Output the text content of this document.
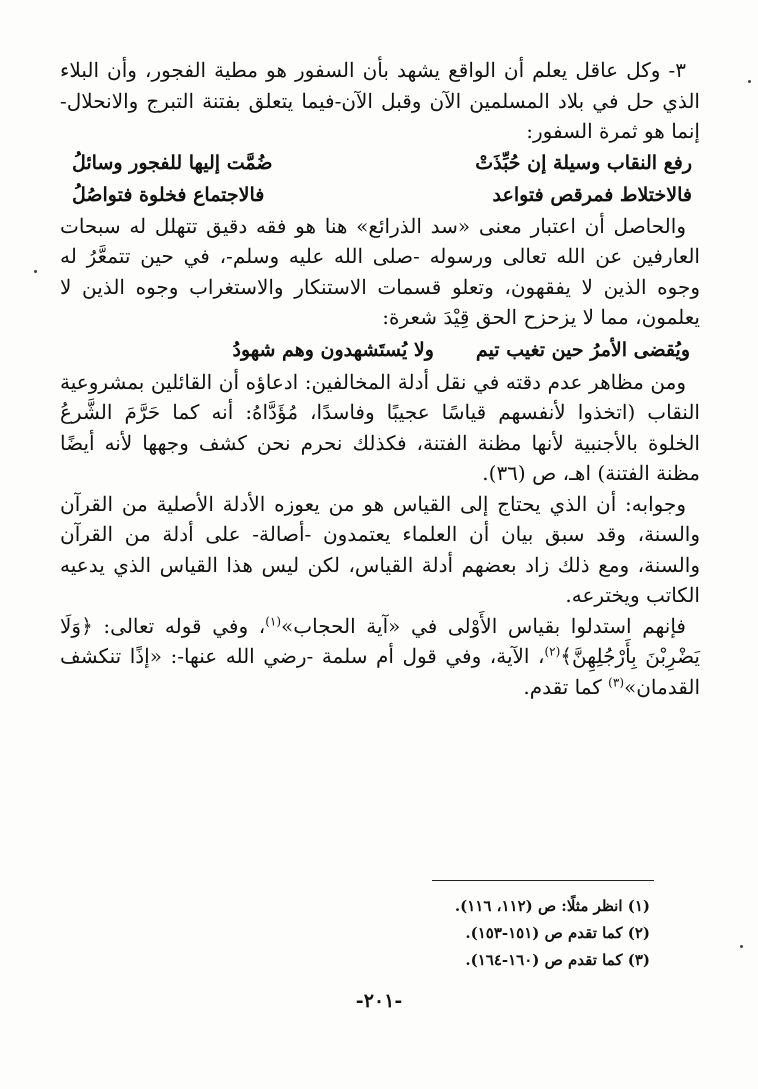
٣- وكل عاقل يعلم أن الواقع يشهد بأن السفور هو مطية الفجور، وأن البلاء الذي حل في بلاد المسلمين الآن وقبل الآن-فيما يتعلق بفتنة التبرج والانحلال- إنما هو ثمرة السفور:

رفع النقاب وسيلة إن حُبِّذَتْ
ضُمَّت إليها للفجور وسائلُ
فالاختلاط فمرقص فتواعد
فالاجتماع فخلوة فتواصُلُ

والحاصل أن اعتبار معنى «سد الذرائع» هنا هو فقه دقيق تتهلل له سبحات العارفين عن الله تعالى ورسوله -صلى الله عليه وسلم-، في حين تتمعَّرُ له وجوه الذين لا يفقهون، وتعلو قسمات الاستنكار والاستغراب وجوه الذين لا يعلمون، مما لا يزحزح الحق قِيْدَ شعرة:

ويُقضى الأمرُ حين تغيب تيمولا يُستَشهدون وهم شهودُ

ومن مظاهر عدم دقته في نقل أدلة المخالفين: ادعاؤه أن القائلين بمشروعية النقاب (اتخذوا لأنفسهم قياسًا عجيبًا وفاسدًا، مُؤَدَّاهُ: أنه كما حَرَّمَ الشَّرعُ الخلوة بالأجنبية لأنها مظنة الفتنة، فكذلك نحرم نحن كشف وجهها لأنه أيضًا مظنة الفتنة) اهـ، ص (٣٦).

وجوابه: أن الذي يحتاج إلى القياس هو من يعوزه الأدلة الأصلية من القرآن والسنة، وقد سبق بيان أن العلماء يعتمدون -أصالة- على أدلة من القرآن والسنة، ومع ذلك زاد بعضهم أدلة القياس، لكن ليس هذا القياس الذي يدعيه الكاتب ويخترعه.

فإنهم استدلوا بقياس الأَوْلى في «آية الحجاب»$^{(١)}$، وفي قوله تعالى: ﴿وَلَا يَضْرِبْنَ بِأَرْجُلِهِنَّ﴾$^{(٢)}$، الآية، وفي قول أم سلمة -رضي الله عنها-: «إذًا تنكشف القدمان»$^{(٣)}$ كما تقدم.

(١) انظر مثلًا: ص (١١٢، ١١٦).
(٢) كما تقدم ص (١٥١-١٥٣).
(٣) كما تقدم ص (١٦٠-١٦٤).
-٢٠١-
